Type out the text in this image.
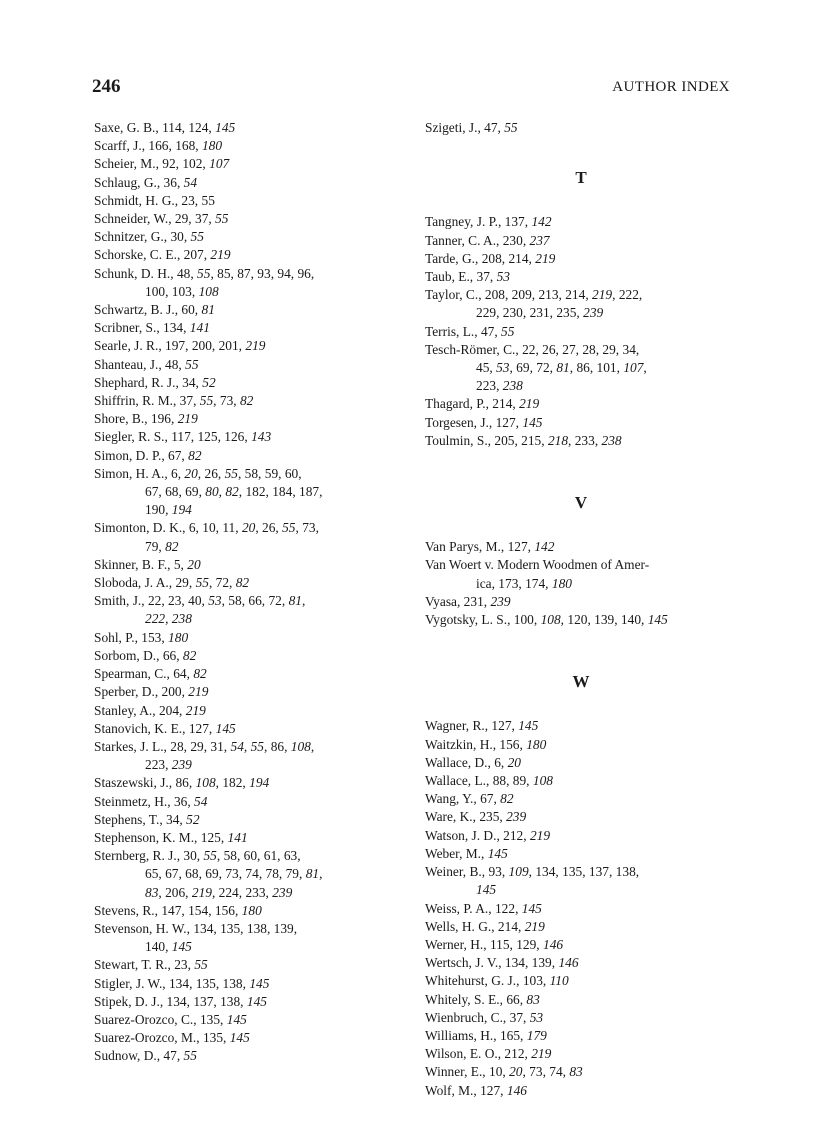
246	AUTHOR INDEX

Saxe, G. B., 114, 124, 145

Scarff, J., 166, 168, 180

Scheier, M., 92, 102, 107

Schlaug, G., 36, 54

Schmidt, H. G., 23, 55

Schneider, W., 29, 37, 55

Schnitzer, G., 30, 55

Schorske, C. E., 207, 219

Schunk, D. H., 48, 55, 85, 87, 93, 94, 96,

100, 103, 108

Schwartz, B. J., 60, 81

Scribner, S., 134, 141

Searle, J. R., 197, 200, 201, 219

Shanteau, J., 48, 55

Shephard, R. J., 34, 52

Shiffrin, R. M., 37, 55, 73, 82

Shore, B., 196, 219

Siegler, R. S., 117, 125, 126, 143

Simon, D. P., 67, 82

Simon, H. A., 6, 20, 26, 55, 58, 59, 60,

67, 68, 69, 80, 82, 182, 184, 187,

190, 194

Simonton, D. K., 6, 10, 11, 20, 26, 55, 73,

79, 82

Skinner, B. F., 5, 20

Sloboda, J. A., 29, 55, 72, 82

Smith, J., 22, 23, 40, 53, 58, 66, 72, 81,

222, 238

Sohl, P., 153, 180

Sorbom, D., 66, 82

Spearman, C., 64, 82

Sperber, D., 200, 219

Stanley, A., 204, 219

Stanovich, K. E., 127, 145

Starkes, J. L., 28, 29, 31, 54, 55, 86, 108,

223, 239

Staszewski, J., 86, 108, 182, 194

Steinmetz, H., 36, 54

Stephens, T., 34, 52

Stephenson, K. M., 125, 141

Sternberg, R. J., 30, 55, 58, 60, 61, 63,

65, 67, 68, 69, 73, 74, 78, 79, 81,

83, 206, 219, 224, 233, 239

Stevens, R., 147, 154, 156, 180

Stevenson, H. W., 134, 135, 138, 139,

140, 145

Stewart, T. R., 23, 55

Stigler, J. W., 134, 135, 138, 145

Stipek, D. J., 134, 137, 138, 145

Suarez-Orozco, C., 135, 145

Suarez-Orozco, M., 135, 145

Sudnow, D., 47, 55

Szigeti, J., 47, 55

T

Tangney, J. P., 137, 142

Tanner, C. A., 230, 237

Tarde, G., 208, 214, 219

Taub, E., 37, 53

Taylor, C., 208, 209, 213, 214, 219, 222,

229, 230, 231, 235, 239

Terris, L., 47, 55

Tesch-Römer, C., 22, 26, 27, 28, 29, 34,

45, 53, 69, 72, 81, 86, 101, 107,

223, 238

Thagard, P., 214, 219

Torgesen, J., 127, 145

Toulmin, S., 205, 215, 218, 233, 238

V

Van Parys, M., 127, 142

Van Woert v. Modern Woodmen of Amer-

ica, 173, 174, 180

Vyasa, 231, 239

Vygotsky, L. S., 100, 108, 120, 139, 140, 145

W

Wagner, R., 127, 145

Waitzkin, H., 156, 180

Wallace, D., 6, 20

Wallace, L., 88, 89, 108

Wang, Y., 67, 82

Ware, K., 235, 239

Watson, J. D., 212, 219

Weber, M., 145

Weiner, B., 93, 109, 134, 135, 137, 138,

145

Weiss, P. A., 122, 145

Wells, H. G., 214, 219

Werner, H., 115, 129, 146

Wertsch, J. V., 134, 139, 146

Whitehurst, G. J., 103, 110

Whitely, S. E., 66, 83

Wienbruch, C., 37, 53

Williams, H., 165, 179

Wilson, E. O., 212, 219

Winner, E., 10, 20, 73, 74, 83

Wolf, M., 127, 146
